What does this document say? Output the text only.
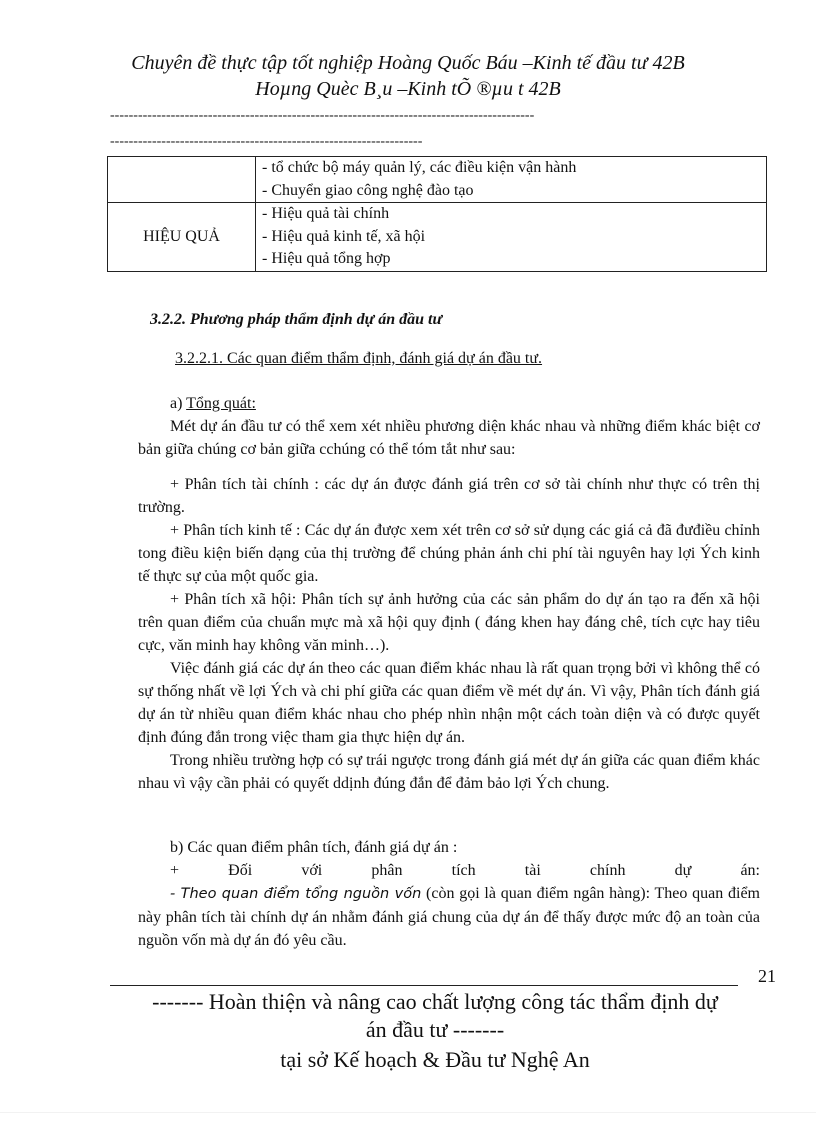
Chuyên đề thực tập tốt nghiệp Hoàng Quốc Báu –Kinh tế đầu tư 42B
Hoµng Quèc B¸u –Kinh tÕ ®µu t 42B
-------------------------------------------------------------------------------------------
-------------------------------------------------------------------

	- tổ chức bộ máy quản lý, các điều kiện vận hành
- Chuyển giao công nghệ đào tạo

HIỆU QUẢ	- Hiệu quả tài chính
- Hiệu quả kinh tế, xã hội
- Hiệu quả tổng hợp
3.2.2. Phương pháp thẩm định dự án đầu tư
3.2.2.1. Các quan điểm thẩm định, đánh giá dự án đầu tư.

a) Tổng quát:

Mét dự án đầu tư có thể xem xét nhiều phương diện khác nhau và những điểm khác biệt cơ bản giữa chúng cơ bản giữa cchúng có thể tóm tắt như sau:

+ Phân tích tài chính : các dự án được đánh giá trên cơ sở tài chính như thực có trên thị trường.

+ Phân tích kinh tế : Các dự án được xem xét trên cơ sở sử dụng các giá cả đã đưđiều chỉnh tong điều kiện biến dạng của thị trường để chúng phản ánh chi phí tài nguyên hay lợi Ých kinh tế thực sự của một quốc gia.

+ Phân tích xã hội: Phân tích sự ảnh hưởng của các sản phẩm do dự án tạo ra đến xã hội trên quan điểm của chuẩn mực mà xã hội quy định ( đáng khen hay đáng chê, tích cực hay tiêu cực, văn minh hay không văn minh…).

Việc đánh giá các dự án theo các quan điểm khác nhau là rất quan trọng bởi vì không thể có sự thống nhất về lợi Ých và chi phí giữa các quan điểm về mét dự án. Vì vậy, Phân tích đánh giá dự án từ nhiều quan điểm khác nhau cho phép nhìn nhận một cách toàn diện và có được quyết định đúng đắn trong việc tham gia thực hiện dự án.

Trong nhiều trường hợp có sự trái ngược trong đánh giá mét dự án giữa các quan điểm khác nhau vì vậy cần phải có quyết ddịnh đúng đắn để đảm bảo lợi Ých chung.

b) Các quan điểm phân tích, đánh giá dự án :

+ Đối với phân tích tài chính dự án:

- Theo quan điểm tổng nguồn vốn (còn gọi là quan điểm ngân hàng): Theo quan điểm này phân tích tài chính dự án nhằm đánh giá chung của dự án để thấy được mức độ an toàn của nguồn vốn mà dự án đó yêu cầu.

21
------- Hoàn thiện và nâng cao chất lượng công tác thẩm định dự
án đầu tư -------
tại sở Kế hoạch & Đầu tư Nghệ An
